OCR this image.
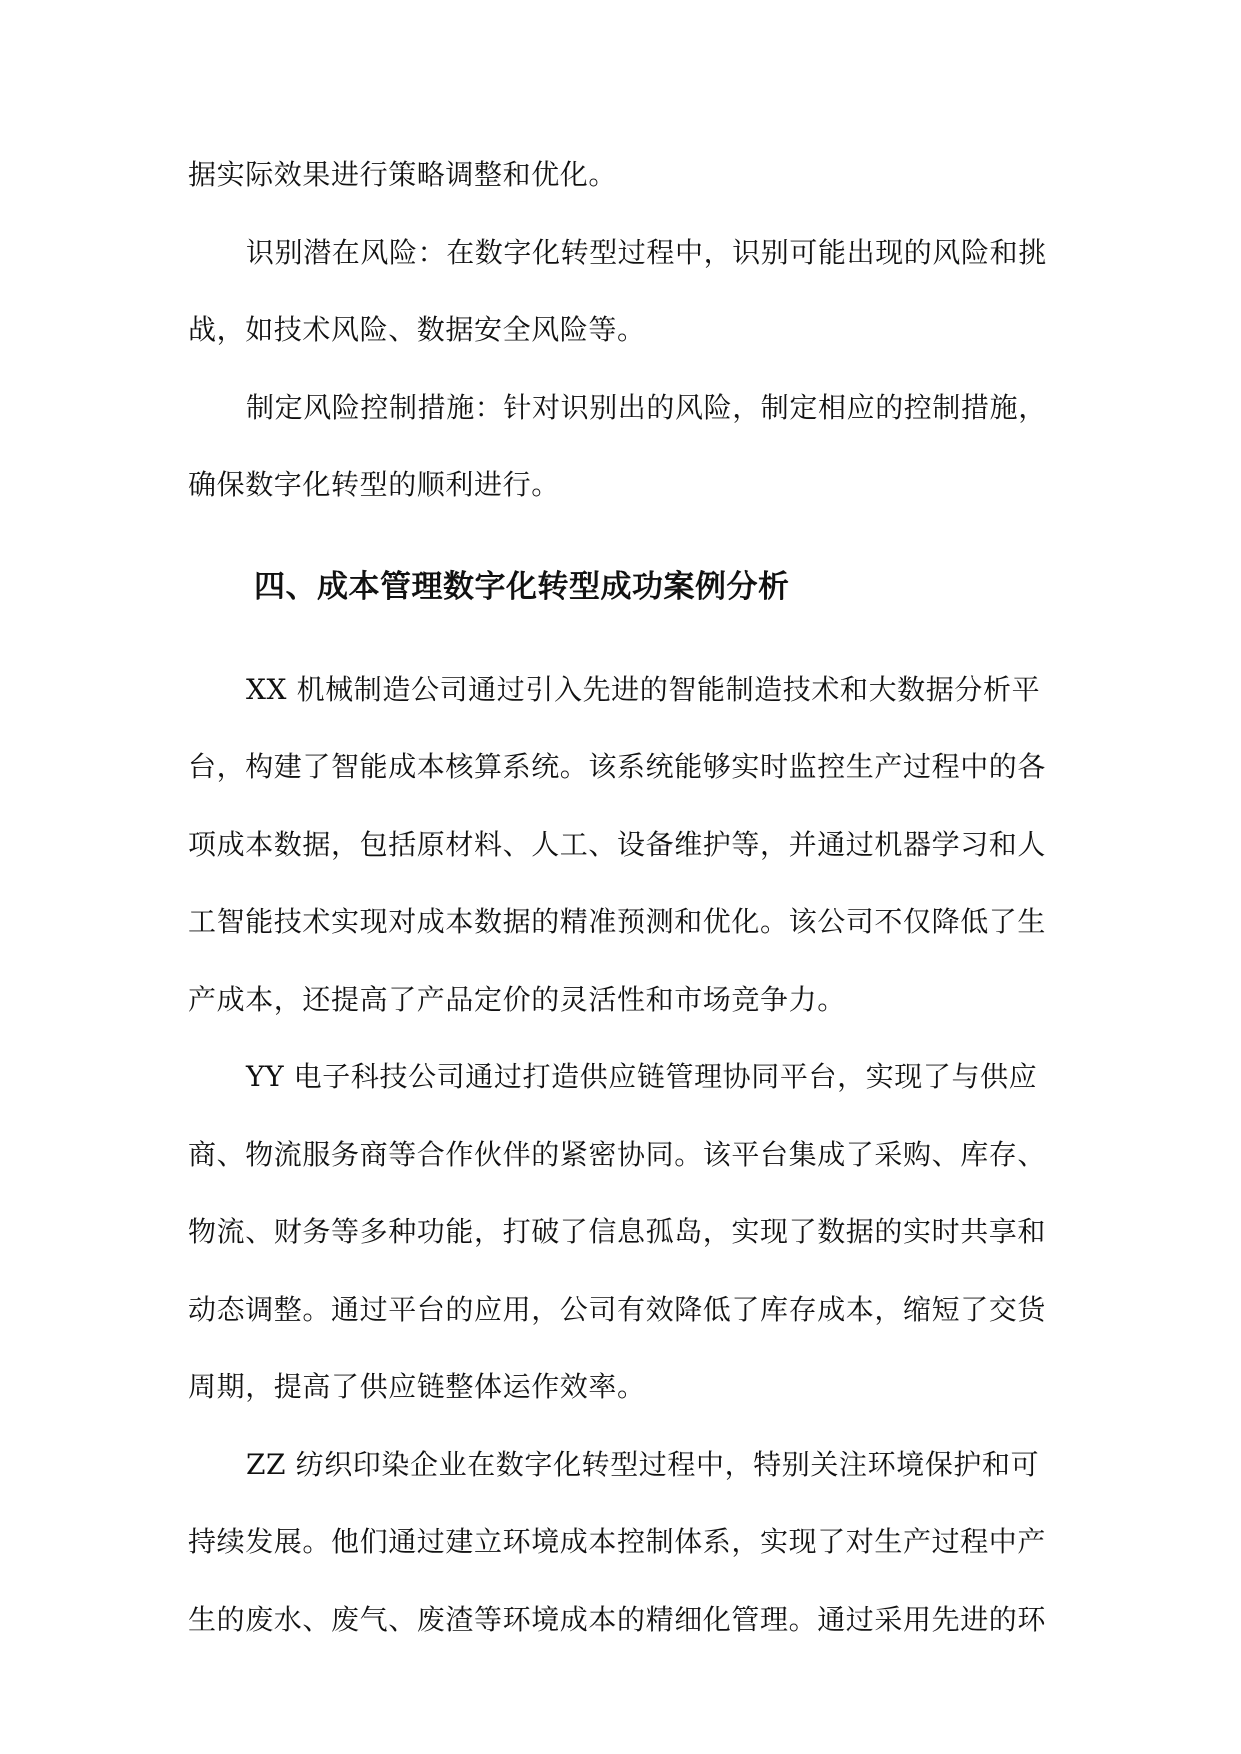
据实际效果进行策略调整和优化。
识别潜在风险：在数字化转型过程中，识别可能出现的风险和挑
战，如技术风险、数据安全风险等。
制定风险控制措施：针对识别出的风险，制定相应的控制措施，
确保数字化转型的顺利进行。
四、成本管理数字化转型成功案例分析
XX 机械制造公司通过引入先进的智能制造技术和大数据分析平
台，构建了智能成本核算系统。该系统能够实时监控生产过程中的各
项成本数据，包括原材料、人工、设备维护等，并通过机器学习和人
工智能技术实现对成本数据的精准预测和优化。该公司不仅降低了生
产成本，还提高了产品定价的灵活性和市场竞争力。
YY 电子科技公司通过打造供应链管理协同平台，实现了与供应
商、物流服务商等合作伙伴的紧密协同。该平台集成了采购、库存、
物流、财务等多种功能，打破了信息孤岛，实现了数据的实时共享和
动态调整。通过平台的应用，公司有效降低了库存成本，缩短了交货
周期，提高了供应链整体运作效率。
ZZ 纺织印染企业在数字化转型过程中，特别关注环境保护和可
持续发展。他们通过建立环境成本控制体系，实现了对生产过程中产
生的废水、废气、废渣等环境成本的精细化管理。通过采用先进的环
